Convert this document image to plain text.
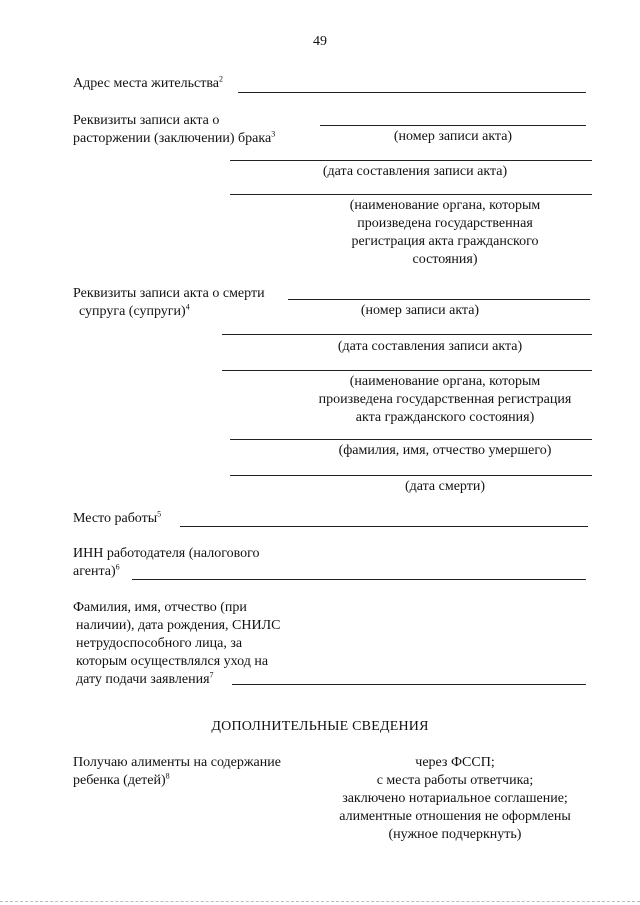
49
Адрес места жительства$^2$
Реквизиты записи акта о
расторжении (заключении) брака$^3$	(номер записи акта)
(дата составления записи акта)
(наименование органа, которым
произведена государственная
регистрация акта гражданского
состояния)
Реквизиты записи акта о смерти
супруга (супруги)$^4$	(номер записи акта)
(дата составления записи акта)
(наименование органа, которым
произведена государственная регистрация
акта гражданского состояния)
(фамилия, имя, отчество умершего)
(дата смерти)
Место работы$^5$
ИНН работодателя (налогового
агента)$^6$
Фамилия, имя, отчество (при
наличии), дата рождения, СНИЛС
нетрудоспособного лица, за
которым осуществлялся уход на
дату подачи заявления$^7$
ДОПОЛНИТЕЛЬНЫЕ СВЕДЕНИЯ
Получаю алименты на содержание
ребенка (детей)$^8$
через ФССП;
с места работы ответчика;
заключено нотариальное соглашение;
алиментные отношения не оформлены
(нужное подчеркнуть)
